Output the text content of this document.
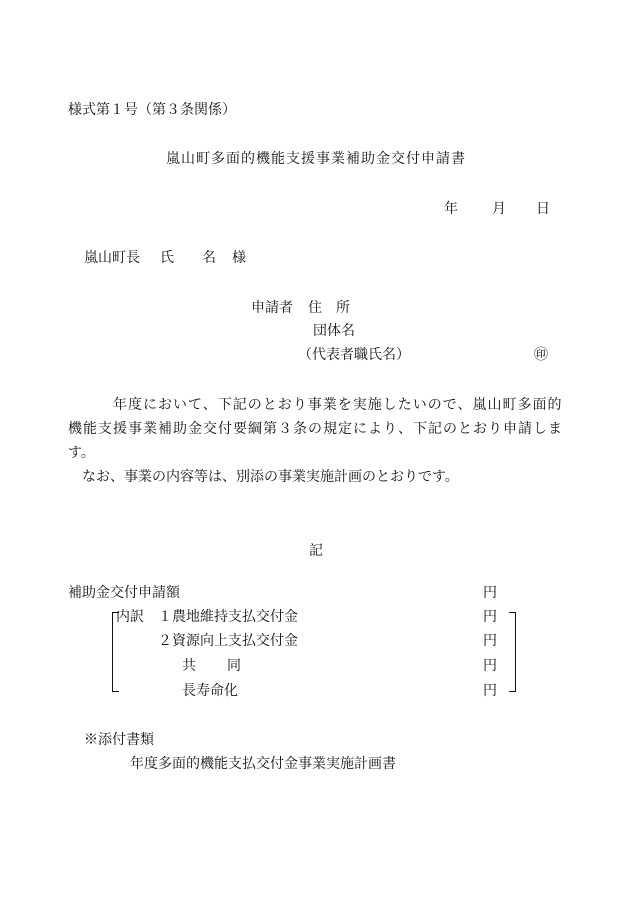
様式第１号（第３条関係）
嵐山町多面的機能支援事業補助金交付申請書
年 月 日
嵐山町長 氏 名 様
申請者 住　所
団体名
（代表者職氏名）	㊞
　　　年度において、下記のとおり事業を実施したいので、嵐山町多面的
機能支援事業補助金交付要綱第３条の規定により、下記のとおり申請しま
す。
　なお、事業の内容等は、別添の事業実施計画のとおりです。
記
補助金交付申請額	円
内訳 １農地維持支払交付金	円
２資源向上支払交付金	円
共 同	円
長寿命化	円
※添付書類
年度多面的機能支払交付金事業実施計画書
